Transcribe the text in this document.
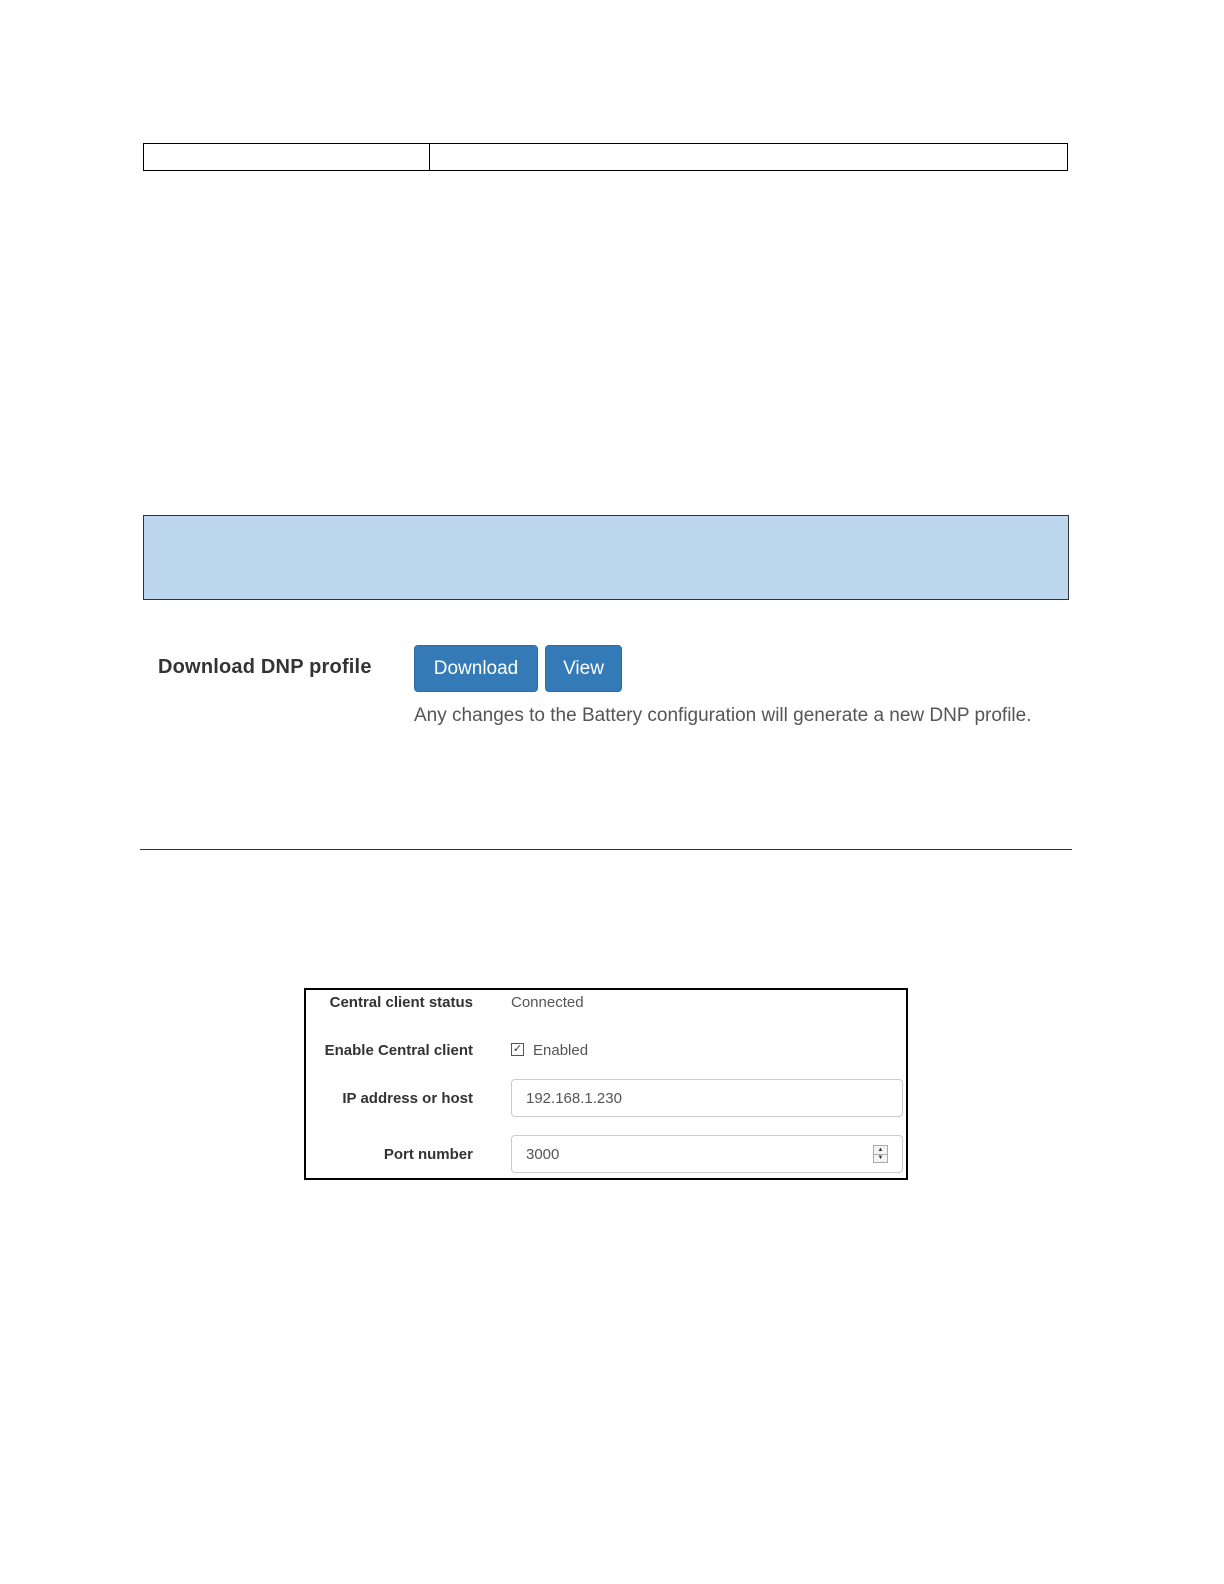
Download DNP profile	Download	View
Any changes to the Battery configuration will generate a new DNP profile.
Central client status	Connected
Enable Central client	✓ Enabled
IP address or host	192.168.1.230
Port number	3000	▲
▼
